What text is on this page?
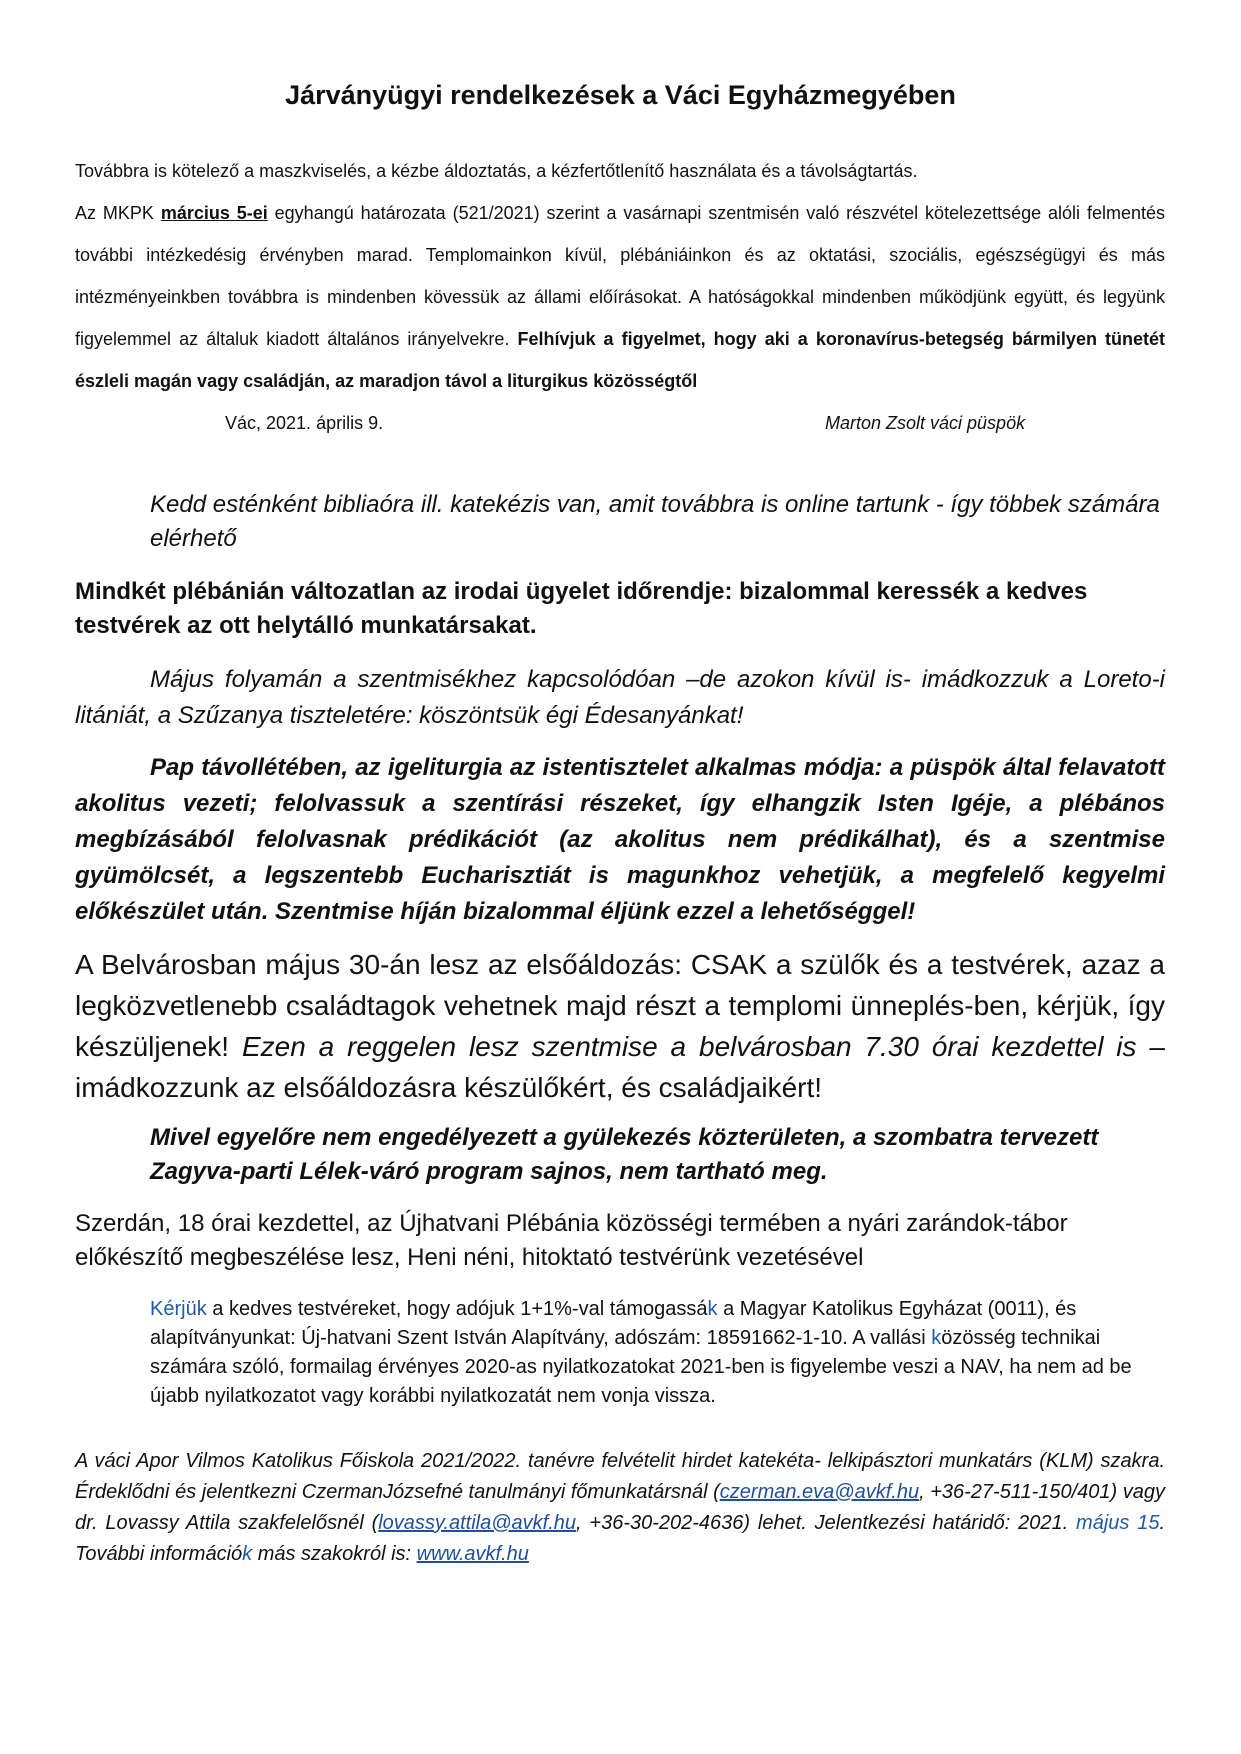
Járványügyi rendelkezések a Váci Egyházmegyében

Továbbra is kötelező a maszkviselés, a kézbe áldoztatás, a kézfertőtlenítő használata és a távolságtartás.

Az MKPK március 5-ei egyhangú határozata (521/2021) szerint a vasárnapi szentmisén való részvétel kötelezettsége alóli felmentés további intézkedésig érvényben marad. Templomainkon kívül, plébániáinkon és az oktatási, szociális, egészségügyi és más intézményeinkben továbbra is mindenben kövessük az állami előírásokat. A hatóságokkal mindenben működjünk együtt, és legyünk figyelemmel az általuk kiadott általános irányelvekre. Felhívjuk a figyelmet, hogy aki a koronavírus-betegség bármilyen tünetét észleli magán vagy családján, az maradjon távol a liturgikus közösségtől

Vác, 2021. április 9.	Marton Zsolt váci püspök

Kedd esténként bibliaóra ill. katekézis van, amit továbbra is online tartunk - így többek számára elérhető

Mindkét plébánián változatlan az irodai ügyelet időrendje: bizalommal keressék a kedves testvérek az ott helytálló munkatársakat.

Május folyamán a szentmisékhez kapcsolódóan –de azokon kívül is- imádkozzuk a Loreto-i litániát, a Szűzanya tiszteletére: köszöntsük égi Édesanyánkat!

Pap távollétében, az igeliturgia az istentisztelet alkalmas módja: a püspök által felavatott akolitus vezeti; felolvassuk a szentírási részeket, így elhangzik Isten Igéje, a plébános megbízásából felolvasnak prédikációt (az akolitus nem prédikálhat), és a szentmise gyümölcsét, a legszentebb Eucharisztiát is magunkhoz vehetjük, a megfelelő kegyelmi előkészület után. Szentmise híján bizalommal éljünk ezzel a lehetőséggel!

A Belvárosban május 30-án lesz az elsőáldozás: CSAK a szülők és a testvérek, azaz a legközvetlenebb családtagok vehetnek majd részt a templomi ünneplés-ben, kérjük, így készüljenek! Ezen a reggelen lesz szentmise a belvárosban 7.30 órai kezdettel is – imádkozzunk az elsőáldozásra készülőkért, és családjaikért!

Mivel egyelőre nem engedélyezett a gyülekezés közterületen, a szombatra tervezett Zagyva-parti Lélek-váró program sajnos, nem tartható meg.

Szerdán, 18 órai kezdettel, az Újhatvani Plébánia közösségi termében a nyári zarándok-tábor előkészítő megbeszélése lesz, Heni néni, hitoktató testvérünk vezetésével

Kérjük a kedves testvéreket, hogy adójuk 1+1%-val támogassák a Magyar Katolikus Egyházat (0011), és alapítványunkat: Új-hatvani Szent István Alapítvány, adószám: 18591662-1-10. A vallási közösség technikai számára szóló, formailag érvényes 2020-as nyilatkozatokat 2021-ben is figyelembe veszi a NAV, ha nem ad be újabb nyilatkozatot vagy korábbi nyilatkozatát nem vonja vissza.

A váci Apor Vilmos Katolikus Főiskola 2021/2022. tanévre felvételit hirdet katekéta- lelkipásztori munkatárs (KLM) szakra. Érdeklődni és jelentkezni CzermanJózsefné tanulmányi főmunkatársnál (czerman.eva@avkf.hu, +36-27-511-150/401) vagy dr. Lovassy Attila szakfelelősnél (lovassy.attila@avkf.hu, +36-30-202-4636) lehet. Jelentkezési határidő: 2021. május 15. További információk más szakokról is: www.avkf.hu
